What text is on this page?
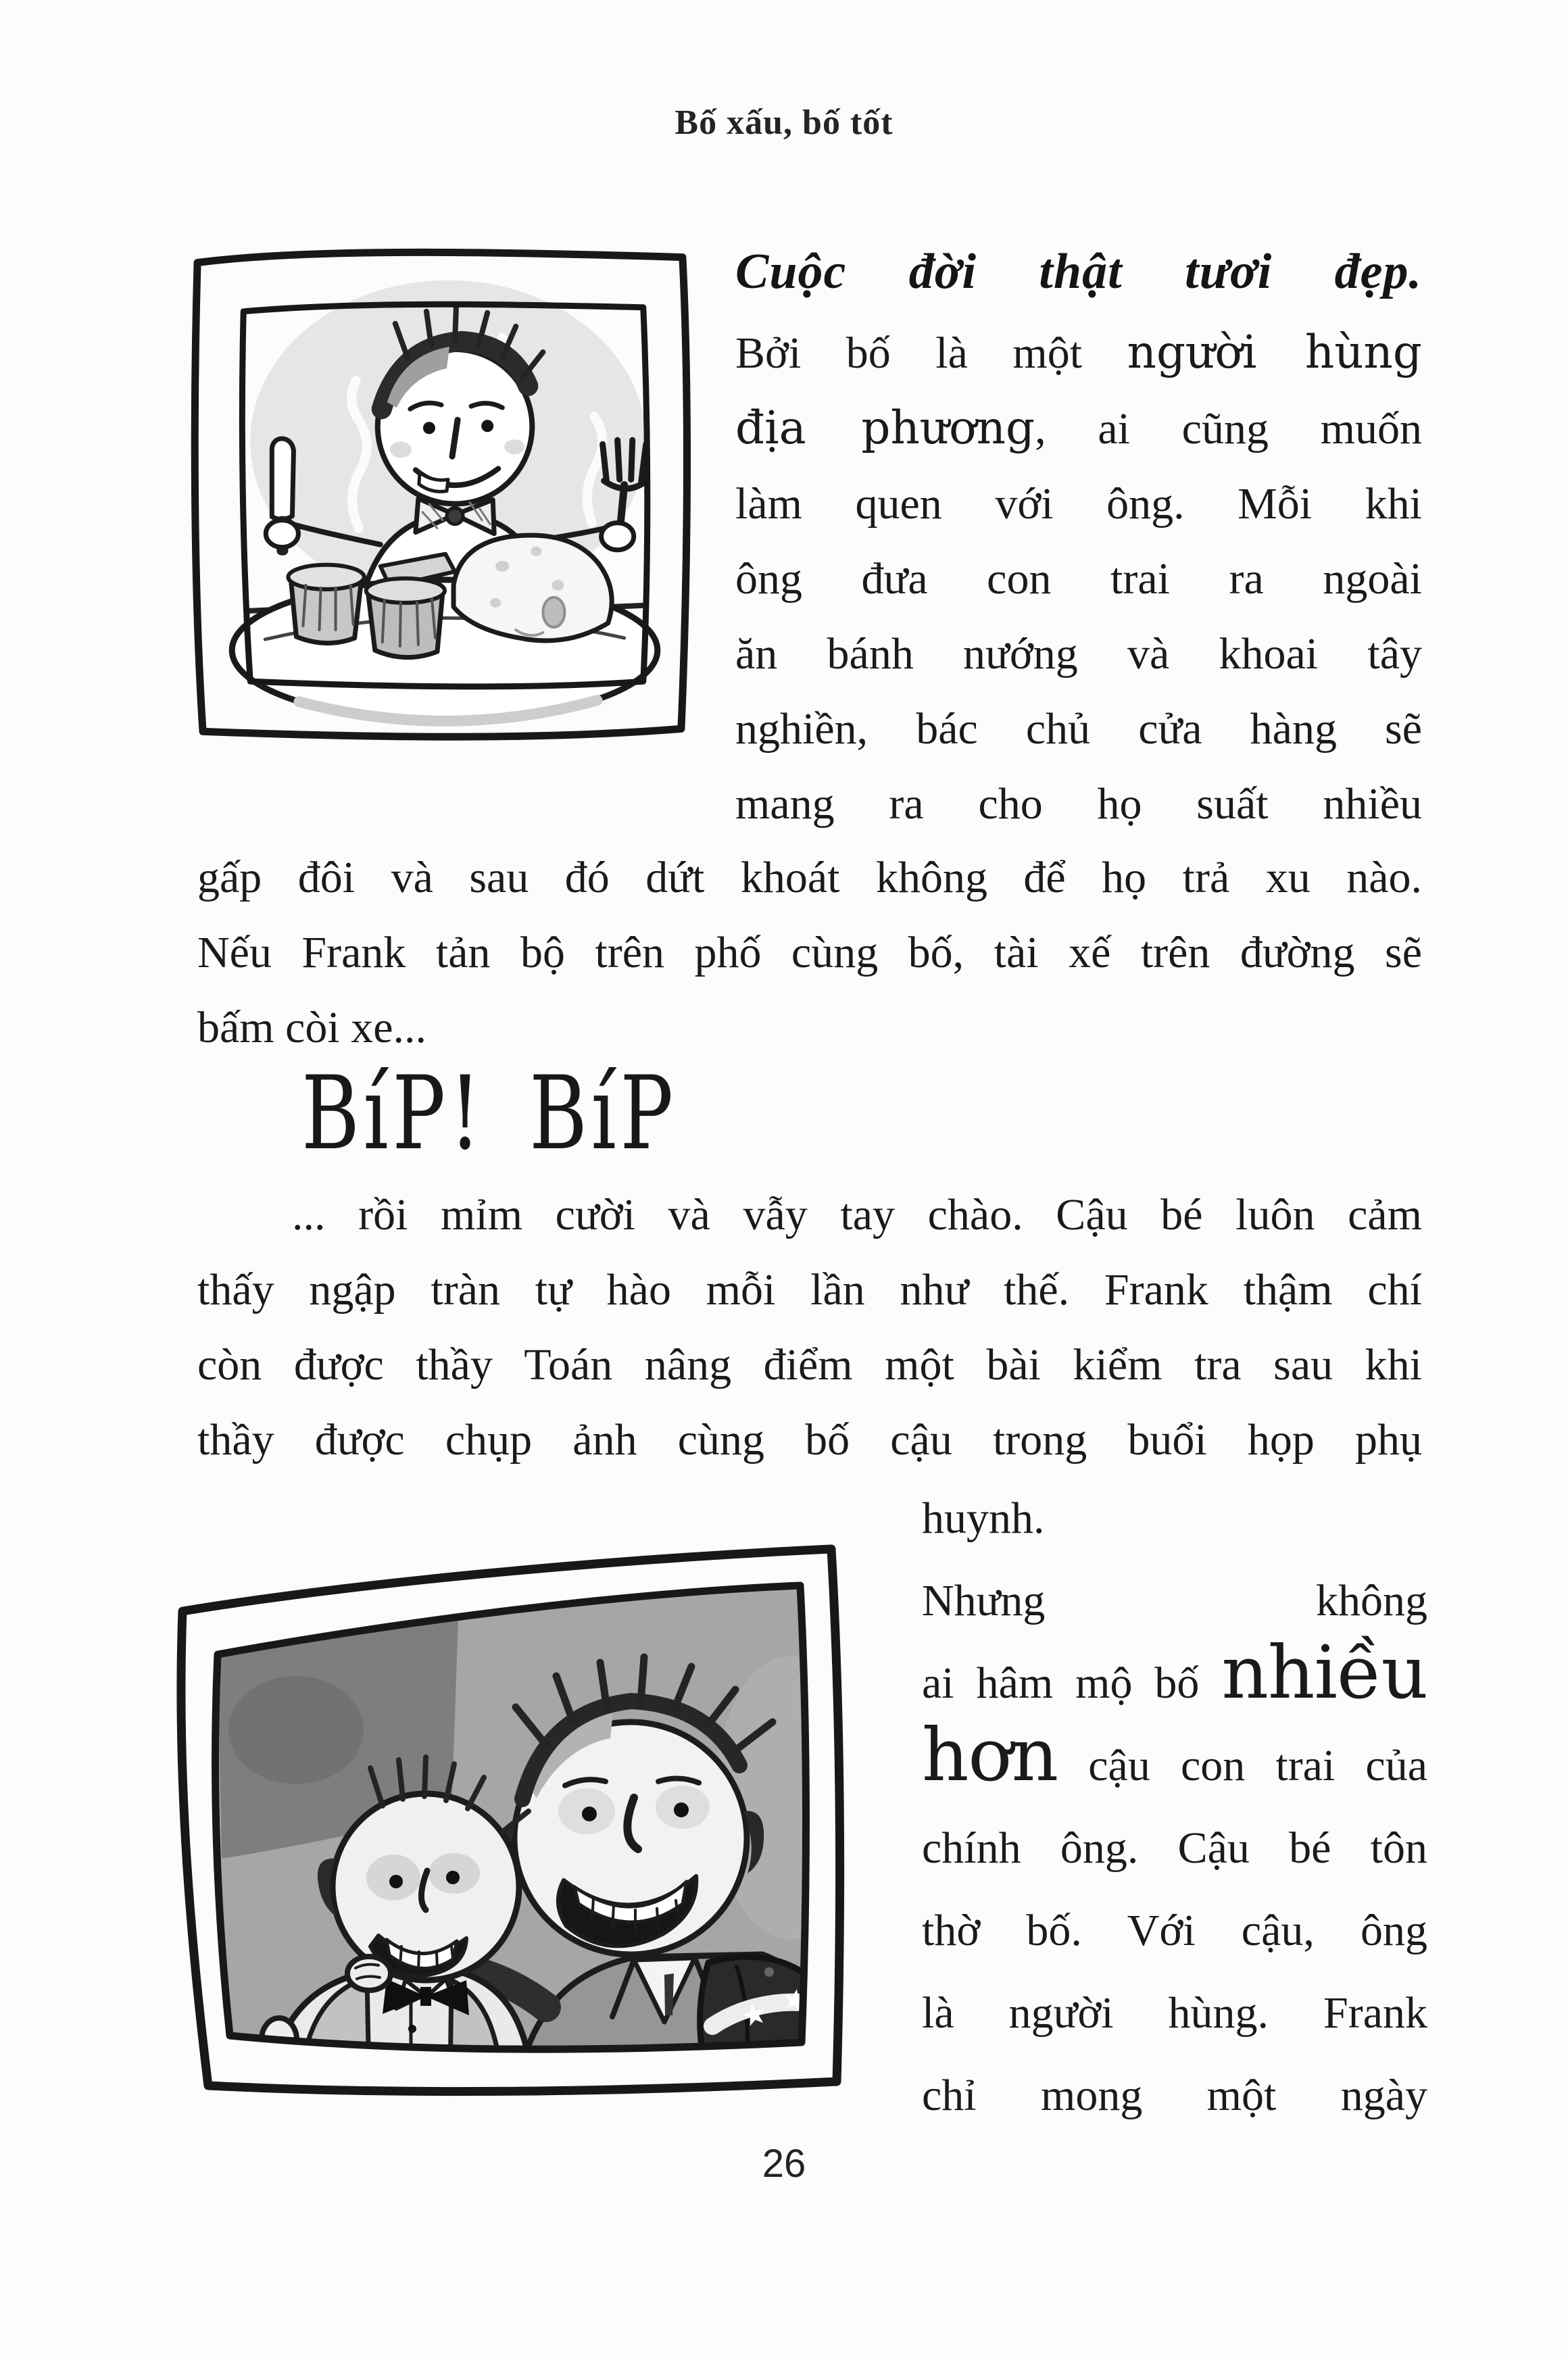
Bố xấu, bố tốt
Cuộc đời thật tươi đẹp.
Bởi bố là một người hùng
địa phương, ai cũng muốn
làm quen với ông. Mỗi khi
ông đưa con trai ra ngoài
ăn bánh nướng và khoai tây
nghiền, bác chủ cửa hàng sẽ
mang ra cho họ suất nhiều
gấp đôi và sau đó dứt khoát không để họ trả xu nào.
Nếu Frank tản bộ trên phố cùng bố, tài xế trên đường sẽ
bấm còi xe...
BíP! BíP
... rồi mỉm cười và vẫy tay chào. Cậu bé luôn cảm
thấy ngập tràn tự hào mỗi lần như thế. Frank thậm chí
còn được thầy Toán nâng điểm một bài kiểm tra sau khi
thầy được chụp ảnh cùng bố cậu trong buổi họp phụ
huynh.
Nhưng không
ai hâm mộ bố nhiều
hơn cậu con trai của
chính ông. Cậu bé tôn
thờ bố. Với cậu, ông
là người hùng. Frank
chỉ mong một ngày
26
